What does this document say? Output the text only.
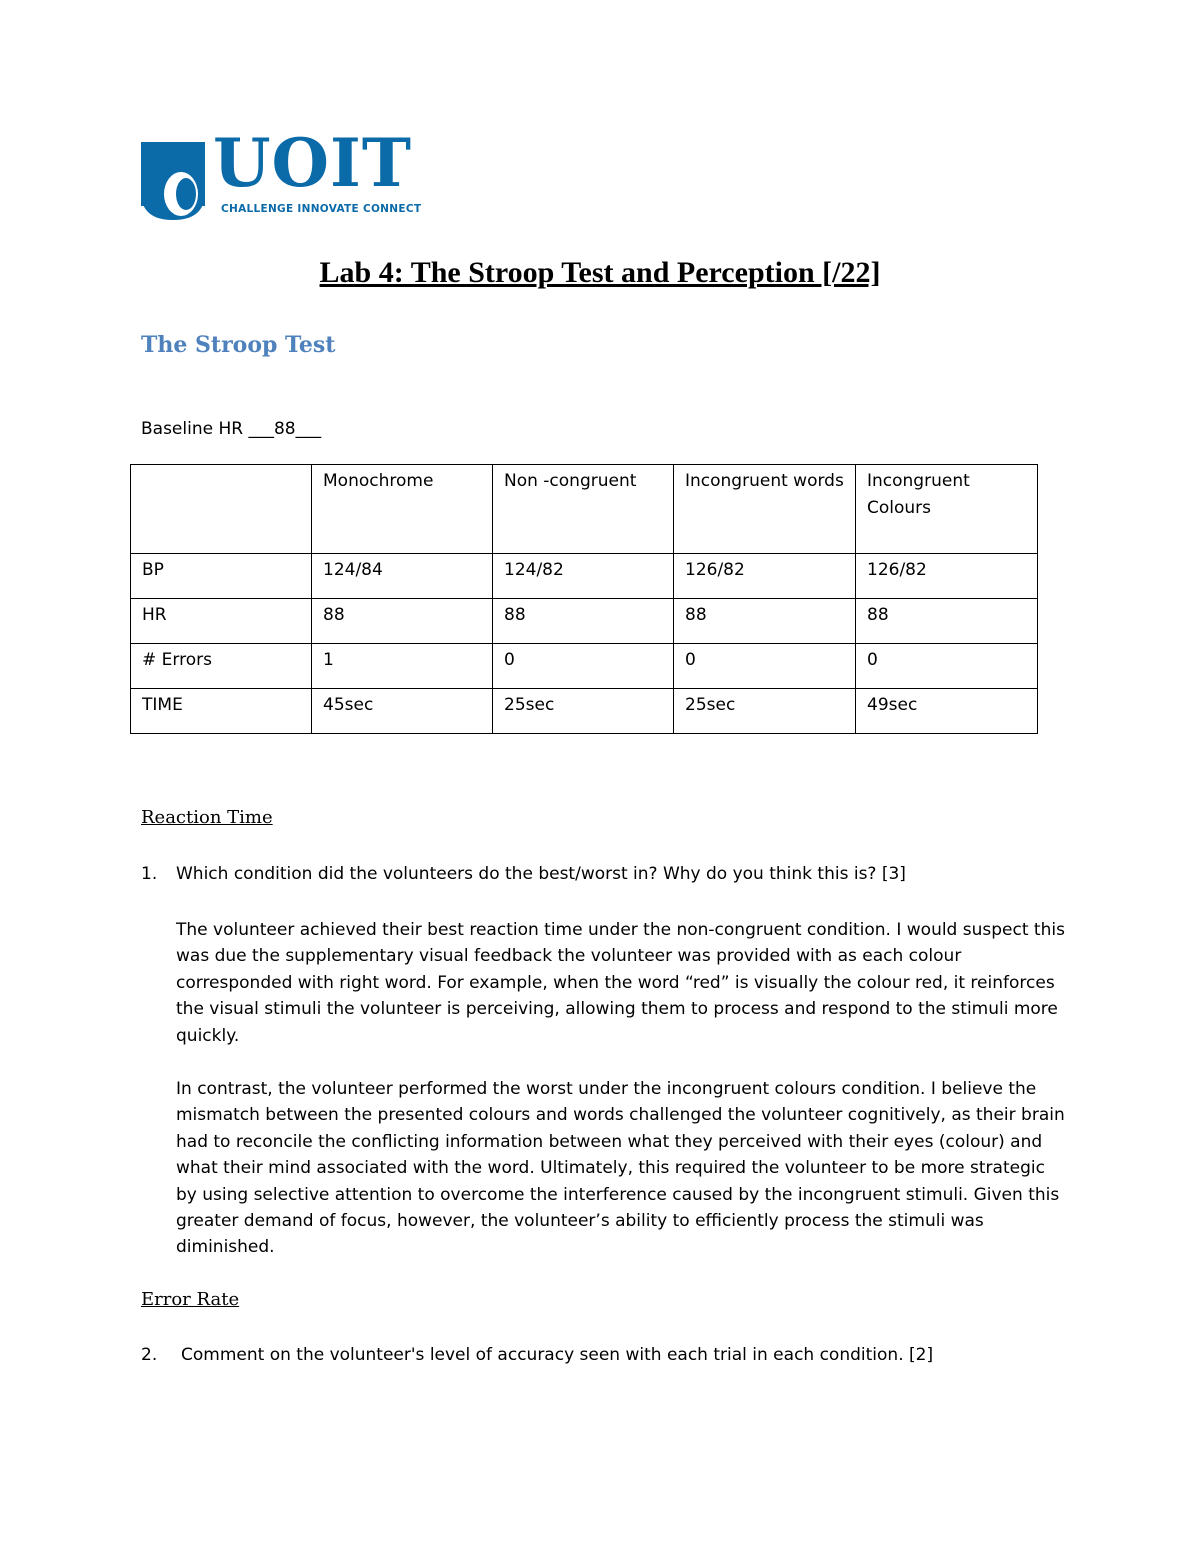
UOIT
CHALLENGE INNOVATE CONNECT
Lab 4: The Stroop Test and Perception [/22]
The Stroop Test
Baseline HR ___88___
	Monochrome	Non -congruent	Incongruent words	Incongruent Colours
BP	124/84	124/82	126/82	126/82
HR	88	88	88	88
# Errors	1	0	0	0
TIME	45sec	25sec	25sec	49sec
Reaction Time
1. Which condition did the volunteers do the best/worst in? Why do you think this is? [3]
The volunteer achieved their best reaction time under the non-congruent condition. I would suspect this was due the supplementary visual feedback the volunteer was provided with as each colour corresponded with right word. For example, when the word “red” is visually the colour red, it reinforces the visual stimuli the volunteer is perceiving, allowing them to process and respond to the stimuli more quickly.
In contrast, the volunteer performed the worst under the incongruent colours condition. I believe the mismatch between the presented colours and words challenged the volunteer cognitively, as their brain had to reconcile the conflicting information between what they perceived with their eyes (colour) and what their mind associated with the word. Ultimately, this required the volunteer to be more strategic by using selective attention to overcome the interference caused by the incongruent stimuli. Given this greater demand of focus, however, the volunteer’s ability to efficiently process the stimuli was diminished.
Error Rate
2. Comment on the volunteer's level of accuracy seen with each trial in each condition. [2]
